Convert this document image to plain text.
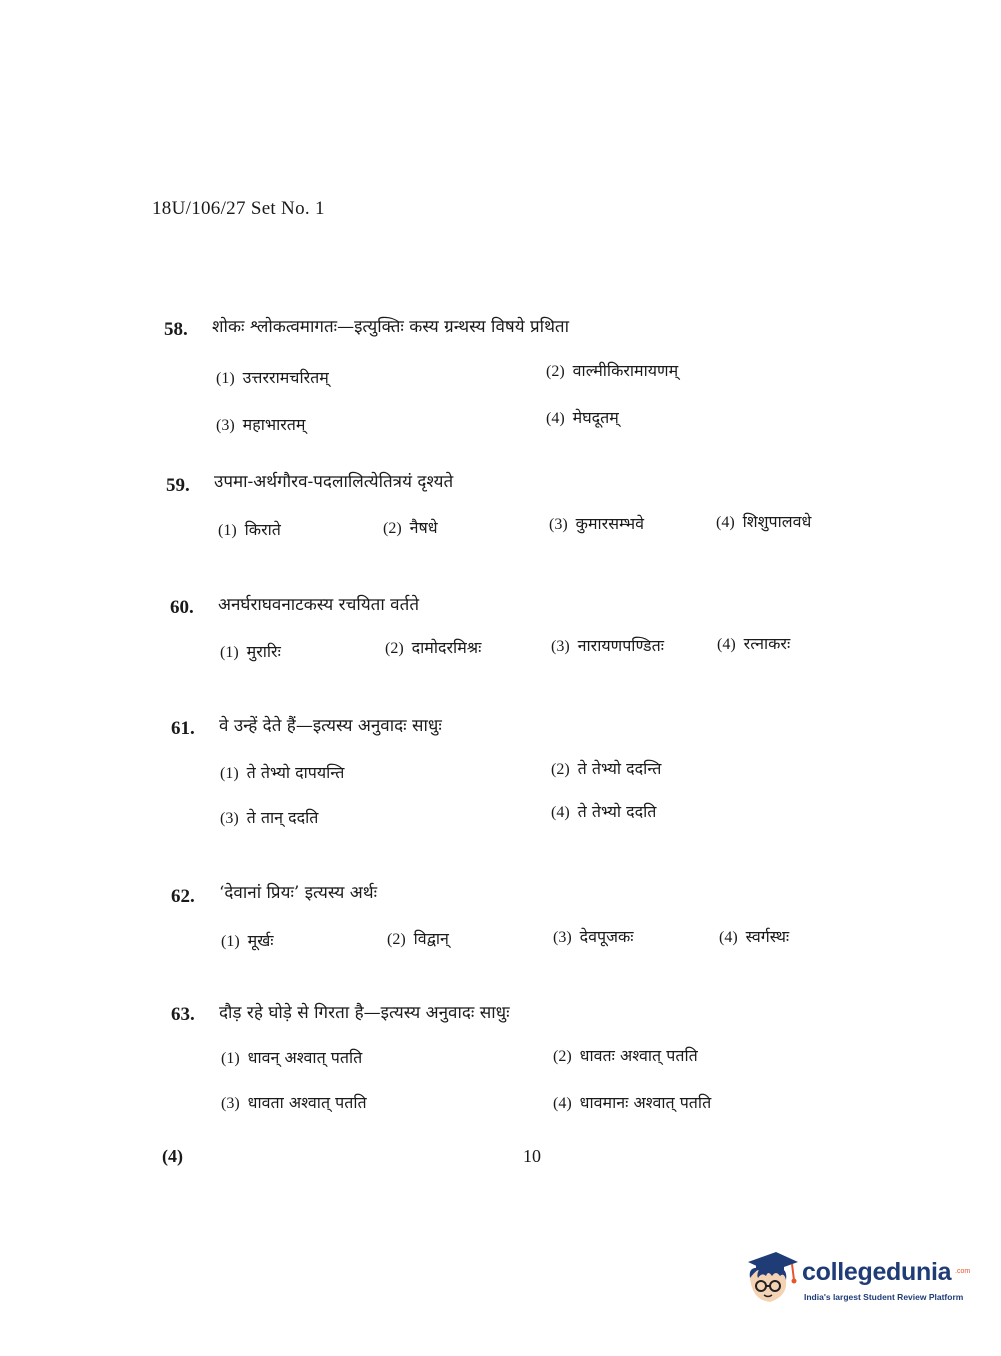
18U/106/27 Set No. 1
58. शोकः श्लोकत्वमागतः—इत्युक्तिः कस्य ग्रन्थस्य विषये प्रथिता
(1) उत्तररामचरितम्	(2) वाल्मीकिरामायणम्
(3) महाभारतम्	(4) मेघदूतम्
59. उपमा-अर्थगौरव-पदलालित्येतित्रयं दृश्यते
(1) किराते	(2) नैषधे	(3) कुमारसम्भवे	(4) शिशुपालवधे
60. अनर्घराघवनाटकस्य रचयिता वर्तते
(1) मुरारिः	(2) दामोदरमिश्रः	(3) नारायणपण्डितः	(4) रत्नाकरः
61. वे उन्हें देते हैं—इत्यस्य अनुवादः साधुः
(1) ते तेभ्यो दापयन्ति	(2) ते तेभ्यो ददन्ति
(3) ते तान् ददति	(4) ते तेभ्यो ददति
62. ‘देवानां प्रियः’ इत्यस्य अर्थः
(1) मूर्खः	(2) विद्वान्	(3) देवपूजकः	(4) स्वर्गस्थः
63. दौड़ रहे घोड़े से गिरता है—इत्यस्य अनुवादः साधुः
(1) धावन् अश्वात् पतति	(2) धावतः अश्वात् पतति
(3) धावता अश्वात् पतति	(4) धावमानः अश्वात् पतति
(4)	10
collegedunia .com
India's largest Student Review Platform
